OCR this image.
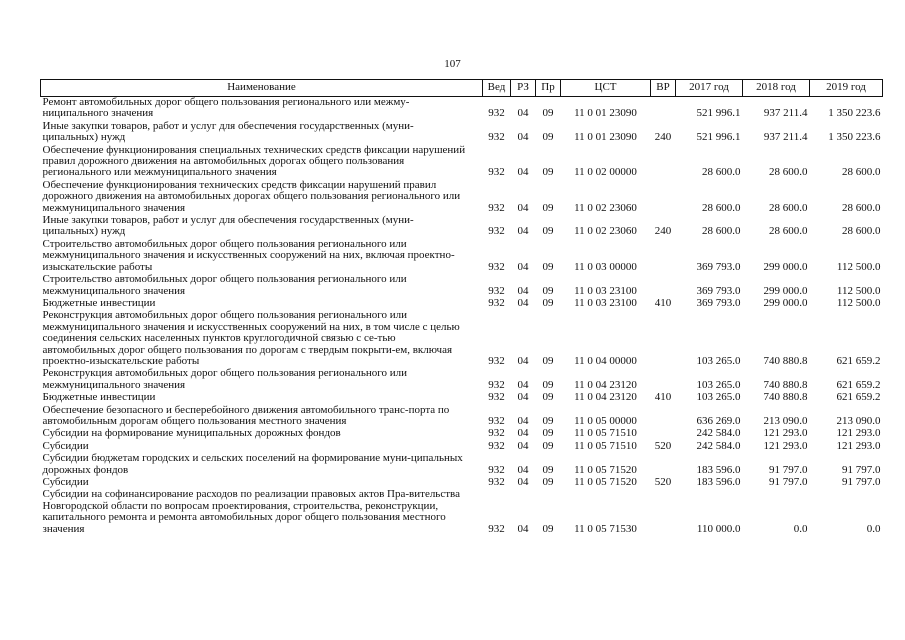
107
Наименование	Вед	РЗ	Пр	ЦСТ	ВР	2017 год	2018 год	2019 год
Ремонт автомобильных дорог общего пользования регионального или межму-ниципального значения	932	04	09	11 0 01 23090		521 996.1	937 211.4	1 350 223.6
Иные закупки товаров, работ и услуг для обеспечения государственных (муни-ципальных) нужд	932	04	09	11 0 01 23090	240	521 996.1	937 211.4	1 350 223.6
Обеспечение функционирования специальных технических средств фиксации нарушений правил дорожного движения на автомобильных дорогах общего пользования регионального или межмуниципального значения	932	04	09	11 0 02 00000		28 600.0	28 600.0	28 600.0
Обеспечение функционирования технических средств фиксации нарушений правил дорожного движения на автомобильных дорогах общего пользования регионального или межмуниципального значения	932	04	09	11 0 02 23060		28 600.0	28 600.0	28 600.0
Иные закупки товаров, работ и услуг для обеспечения государственных (муни-ципальных) нужд	932	04	09	11 0 02 23060	240	28 600.0	28 600.0	28 600.0
Строительство автомобильных дорог общего пользования регионального или межмуниципального значения и искусственных сооружений на них, включая проектно-изыскательские работы	932	04	09	11 0 03 00000		369 793.0	299 000.0	112 500.0
Строительство автомобильных дорог общего пользования регионального или межмуниципального значения	932	04	09	11 0 03 23100		369 793.0	299 000.0	112 500.0
Бюджетные инвестиции	932	04	09	11 0 03 23100	410	369 793.0	299 000.0	112 500.0
Реконструкция автомобильных дорог общего пользования регионального или межмуниципального значения и искусственных сооружений на них, в том числе с целью соединения сельских населенных пунктов круглогодичной связью с се-тью автомобильных дорог общего пользования по дорогам с твердым покрыти-ем, включая проектно-изыскательские работы	932	04	09	11 0 04 00000		103 265.0	740 880.8	621 659.2
Реконструкция автомобильных дорог общего пользования регионального или межмуниципального значения	932	04	09	11 0 04 23120		103 265.0	740 880.8	621 659.2
Бюджетные инвестиции	932	04	09	11 0 04 23120	410	103 265.0	740 880.8	621 659.2
Обеспечение безопасного и бесперебойного движения автомобильного транс-порта по автомобильным дорогам общего пользования местного значения	932	04	09	11 0 05 00000		636 269.0	213 090.0	213 090.0
Субсидии на формирование муниципальных дорожных фондов	932	04	09	11 0 05 71510		242 584.0	121 293.0	121 293.0
Субсидии	932	04	09	11 0 05 71510	520	242 584.0	121 293.0	121 293.0
Субсидии бюджетам городских и сельских поселений на формирование муни-ципальных дорожных фондов	932	04	09	11 0 05 71520		183 596.0	91 797.0	91 797.0
Субсидии	932	04	09	11 0 05 71520	520	183 596.0	91 797.0	91 797.0
Субсидии на софинансирование расходов по реализации правовых актов Пра-вительства Новгородской области по вопросам проектирования, строительства, реконструкции, капитального ремонта и ремонта автомобильных дорог общего пользования местного значения	932	04	09	11 0 05 71530		110 000.0	0.0	0.0
